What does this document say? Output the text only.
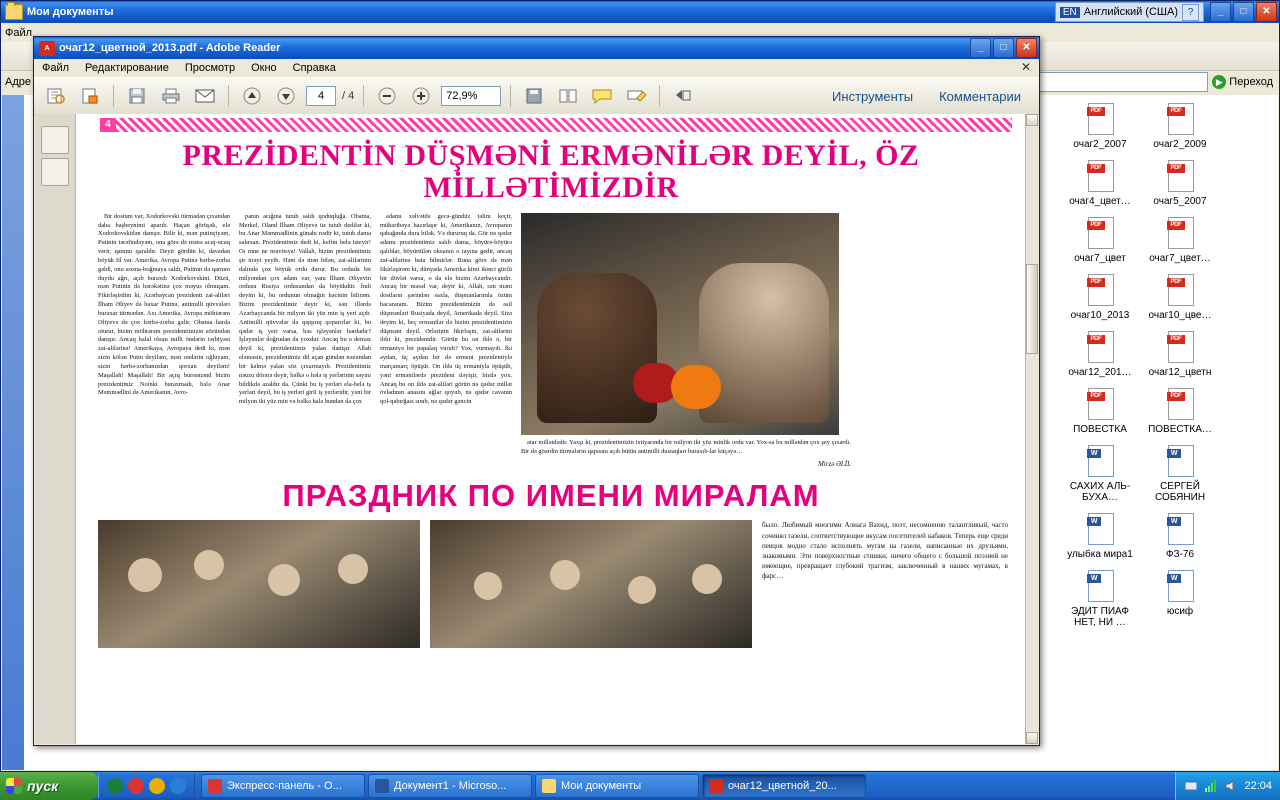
Мои документы	EN Английский (США) ?	_	□	✕
Файл
Адре	▶ Переход
PDF
очаг2_2007
PDF
очаг2_2009
PDF
очаг4_цвет…
PDF
очаг5_2007
PDF
очаг7_цвет
PDF
очаг7_цвет…
PDF
очаг10_2013
PDF
очаг10_цве…
PDF
очаг12_201…
PDF
очаг12_цветн
PDF
ПОВЕСТКА
PDF
ПОВЕСТКА…
W
САХИХ АЛЬ-БУХА…
W
СЕРГЕЙ СОБЯНИН
W
улыбка мира1
W
ФЗ-76
W
ЭДИТ ПИАФ НЕТ, НИ …
W
юсиф
A очаг12_цветной_2013.pdf - Adobe Reader	_	□	✕
Файл Редактирование Просмотр Окно Справка	✕
4	/ 4	72,9%	Инструменты Комментарии
4
PREZİDENTİN DÜŞMƏNİ ERMƏNİLƏR DEYİL, ÖZ MİLLƏTİMİZDİR

Bir dostum var, Xodorkovski türmədən çıxandan daha başbeynimi aparıb. Haçan görüşək, elə Xodorkovskidən danışır. Bilir ki, mən putinçiyəm, Putinin tərəfindəyəm, ona görə də mənə acıq-ucuq verir, qanımı qaraldır. Deyir gördün ki, davadan böyük fil var. Amerika, Avropa Putinə hərbə-zorba gəldi, onu sıxma-boğmaya saldı, Putinin də qarnını duydu ağrı, açıb buraxdı Xodorkovskini. Düzü, mən Putinin də hərəkətinə çox məyus olmuşam. Fikirləşirdim ki, Azərbaycan prezidenti zat-aliləri İlham Əliyev də baxar Putinə, antimilli qüvvələri buraxar türmədən. Axı Amerika, Avropa möhtərəm Əliyevə də çox hərbə-zorba gəlir, Obama harda oturur, bizim möhtərəm prezidentimizin sözündən danışır. Ancaq halal olsun milli öndərin tərbiyəsi zat-alilərinə! Amerikaya, Avropaya dedi ki, mən sizin kölən Putin deyiləm, mən ondərin oğluyam, sizin hərbə-zorbanızdan qorxan deyiləm! Maşallah! Maşallah! Bir açıq burssmənd bizim prezidentimiz Noinki buraxmadı, hələ Anar Məmmədlini də Amerikanın, Avro-

panın acığına tutub saldı qoduqluğa. Obama, Merkel, Oland İlham Əliyevə üz tutub dedilər ki, bu Anar Məmmədlinin günahı nədir ki, tutub dama salırsan. Prezidentimiz dedi ki, kefim belə isteyir! Oı mne ne nravitsya! Vallah, bizim prezidentimiz şir ürəyi yeyib. Həm də mən bilən, zat-alilərinin dalında çox böyük ordu durur. Bu ordudа bir milyondan çox adam var, yanı İlham Əliyevin ordusu Rusiya ordusundan da böyükdür. İndi deyim ki, bu ordunun olmağın həcmin bilirəm. Bizim prezidentimiz deyir ki, sən illərdə Azərbaycanda bir milyon iki yüz min iş yeri açıb. Antimilli qüvvələr də qışqırıq qoparırlar ki, bu qədər iş yeri varsa, bəs işləyənlər hardadır? İşləyənlər doğrudan da yoxdur. Ancaq bu o deməx deyil ki, prezidentimiz yalan danışır. Allah eləməsin, prezidentimiz dil açan gündən nəzundan bir kəlmə yalan söz çıxarmayıb. Prezidentimiz nəuzu dörərə deyir, bəlkə o hələ iş yerlərinin sayını bildikdə azaldır da. Çünki bu iş yerləri ela-belə iş yerləri deyil, bu iş yerləri girli iş yerləridir, yəni bir milyon iki yüz min və bəlkə halə bundan da çox

adamı xəlvətdə gecə-gündüz təlim keçir, müharibəyə hazırlaşır ki, Amerikanın, Avropanın qabağında dura bilək. Və dururuq da. Gör nə qədər adamı prezidentimiz salıb dama, böyürə-böyürə qalıblar, böyürtülən okeanın o tayına gedir, ancaq zat-alilərinə bata bilmirlər. Buna görə də mən fikirləşirəm ki, dünyada Amerika kimi ikinci güclü bir dövlət varsa, o da elə bizim Azərbaycandır. Ancaq bir məsəl var, deyir ki, Allah, sən məni dostların şərindən saxla, düşmanlarımla özüm bacararam. Bizim prezidentimizin də əsil düşmənləri Rusiyada deyil, Amerikada deyil. Sizə deyim ki, heç ermənilər də bizim prezidentimizin düşməni deyil. Ərlərinin fikirləşin, zat-alilərini ildır ki, prezidentdir. Görün bu on ildə o, bir ermaniyə bir papalaq vurub? Yox, vurmayıb. İki aydan, üç aydan bir də ermeni prezidentiylə marçamarç öpüşür. On ildə üç ermaniyla öpüşüb, yəni ermənilərdə prezident dəyişir, bizdə yox. Ancaq bu on ildə zat-aliləri görün nə qədər millət övladının anasını ağlar qoyub, nə qədər cavanın qol-qabırğası sınıb, nə qədər gəncin

atar millətdədir. Yaxşı ki, prezidentimizin ixtiyarında bir milyon iki yüz minlik ordu var. Yox-sa bu millətdən çox şey çıxardı. Bir də göərdin türmələrin qapısını açıb bütün antimilli dustaqları buraxıb-lar küçəyə…

Mirzə ƏLİL
ПРАЗДНИК ПО ИМЕНИ МИРАЛАМ
было. Любимый многими Алиага Вахид, поэт, несомненно талантливый, часто сочинял газели, соответствующие вкусам посетителей кабаков. Теперь еще среди певцов модно стало исполнять мугам на газели, написанные их друзьями, знакомыми. Эти поверхностные стишки, ничего общего с большой поэзией не имеющие, превращает глубокий трагизм, заключенный в наших мугамах, в фарс…
пуск	Экспресс-панель - O...	Документ1 - Microso...	Мои документы	очаг12_цветной_20...	22:04
